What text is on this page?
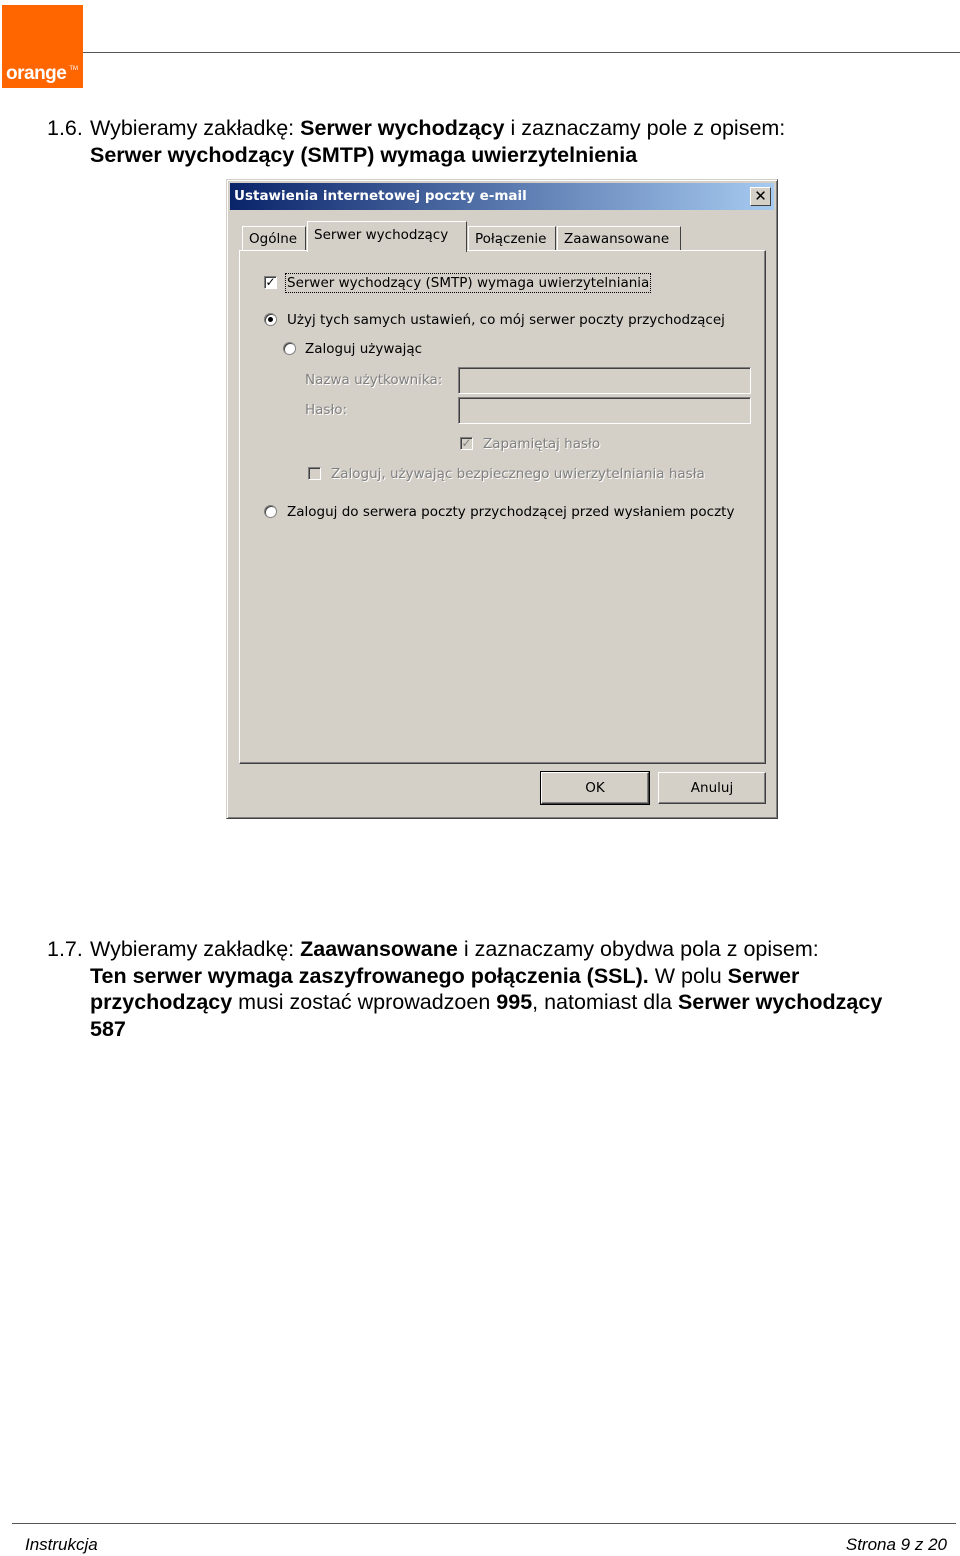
TM
orange
1.6. Wybieramy zakładkę: Serwer wychodzący i zaznaczamy pole z opisem:
Serwer wychodzący (SMTP) wymaga uwierzytelnienia
Ustawienia internetowej poczty e-mail	✕
Ogólne	Serwer wychodzący	Połączenie	Zaawansowane
✓ Serwer wychodzący (SMTP) wymaga uwierzytelniania
Użyj tych samych ustawień, co mój serwer poczty przychodzącej
Zaloguj używając
Nazwa użytkownika:
Hasło:
✓ Zapamiętaj hasło
Zaloguj, używając bezpiecznego uwierzytelniania hasła
Zaloguj do serwera poczty przychodzącej przed wysłaniem poczty
OK	Anuluj
1.7. Wybieramy zakładkę: Zaawansowane i zaznaczamy obydwa pola z opisem:
Ten serwer wymaga zaszyfrowanego połączenia (SSL). W polu Serwer przychodzący musi zostać wprowadzoen 995, natomiast dla Serwer wychodzący
587
Instrukcja	Strona 9 z 20
